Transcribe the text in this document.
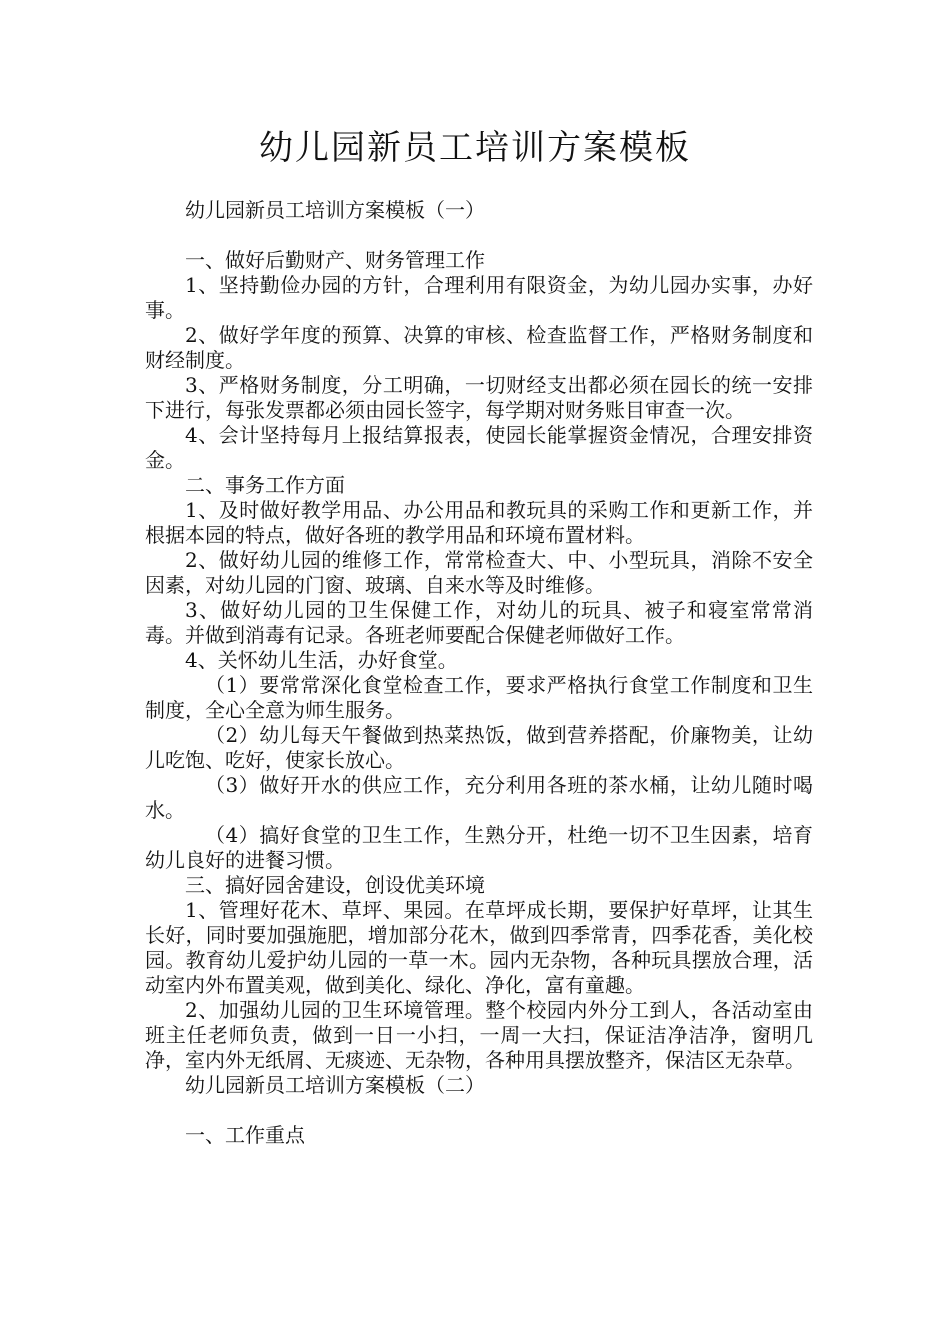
幼儿园新员工培训方案模板

幼儿园新员工培训方案模板（一）

一、做好后勤财产、财务管理工作

1、坚持勤俭办园的方针，合理利用有限资金，为幼儿园办实事，办好事。

2、做好学年度的预算、决算的审核、检查监督工作，严格财务制度和财经制度。

3、严格财务制度，分工明确，一切财经支出都必须在园长的统一安排下进行，每张发票都必须由园长签字，每学期对财务账目审查一次。

4、会计坚持每月上报结算报表，使园长能掌握资金情况，合理安排资金。

二、事务工作方面

1、及时做好教学用品、办公用品和教玩具的采购工作和更新工作，并根据本园的特点，做好各班的教学用品和环境布置材料。

2、做好幼儿园的维修工作，常常检查大、中、小型玩具，消除不安全因素，对幼儿园的门窗、玻璃、自来水等及时维修。

3、做好幼儿园的卫生保健工作，对幼儿的玩具、被子和寝室常常消毒。并做到消毒有记录。各班老师要配合保健老师做好工作。

4、关怀幼儿生活，办好食堂。

（1）要常常深化食堂检查工作，要求严格执行食堂工作制度和卫生制度，全心全意为师生服务。

（2）幼儿每天午餐做到热菜热饭，做到营养搭配，价廉物美，让幼儿吃饱、吃好，使家长放心。

（3）做好开水的供应工作，充分利用各班的茶水桶，让幼儿随时喝水。

（4）搞好食堂的卫生工作，生熟分开，杜绝一切不卫生因素，培育幼儿良好的进餐习惯。

三、搞好园舍建设，创设优美环境

1、管理好花木、草坪、果园。在草坪成长期，要保护好草坪，让其生长好，同时要加强施肥，增加部分花木，做到四季常青，四季花香，美化校园。教育幼儿爱护幼儿园的一草一木。园内无杂物，各种玩具摆放合理，活动室内外布置美观，做到美化、绿化、净化，富有童趣。

2、加强幼儿园的卫生环境管理。整个校园内外分工到人，各活动室由班主任老师负责，做到一日一小扫，一周一大扫，保证洁净洁净，窗明几净，室内外无纸屑、无痰迹、无杂物，各种用具摆放整齐，保洁区无杂草。

幼儿园新员工培训方案模板（二）

一、工作重点
